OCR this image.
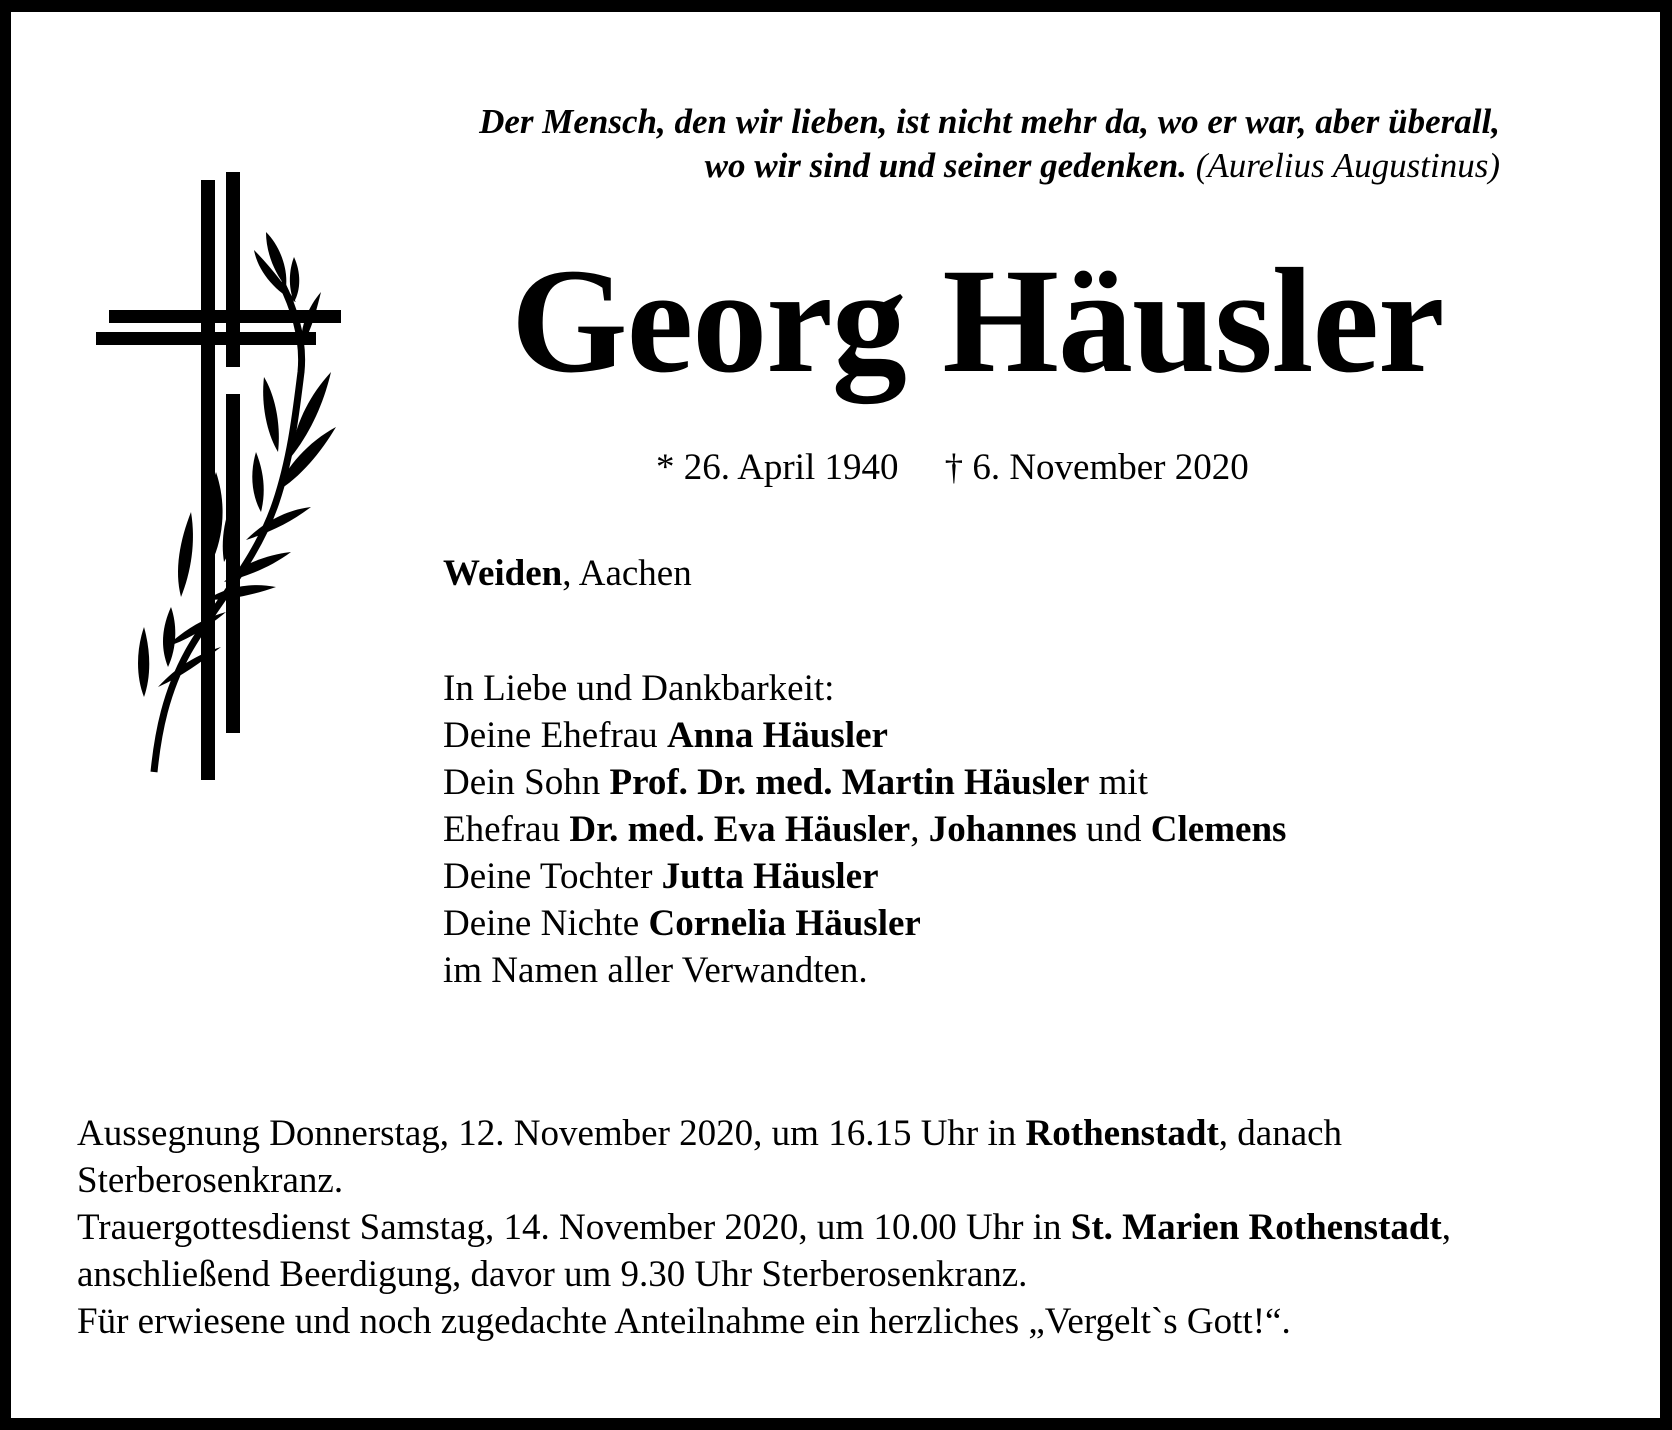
Der Mensch, den wir lieben, ist nicht mehr da, wo er war, aber überall,
wo wir sind und seiner gedenken. (Aurelius Augustinus)
Georg Häusler
* 26. April 1940 † 6. November 2020
Weiden, Aachen
In Liebe und Dankbarkeit:
Deine Ehefrau Anna Häusler
Dein Sohn Prof. Dr. med. Martin Häusler mit
Ehefrau Dr. med. Eva Häusler, Johannes und Clemens
Deine Tochter Jutta Häusler
Deine Nichte Cornelia Häusler
im Namen aller Verwandten.
Aussegnung Donnerstag, 12. November 2020, um 16.15 Uhr in Rothenstadt, danach
Sterberosenkranz.
Trauergottesdienst Samstag, 14. November 2020, um 10.00 Uhr in St. Marien Rothenstadt,
anschließend Beerdigung, davor um 9.30 Uhr Sterberosenkranz.
Für erwiesene und noch zugedachte Anteilnahme ein herzliches „Vergelt`s Gott!“.
